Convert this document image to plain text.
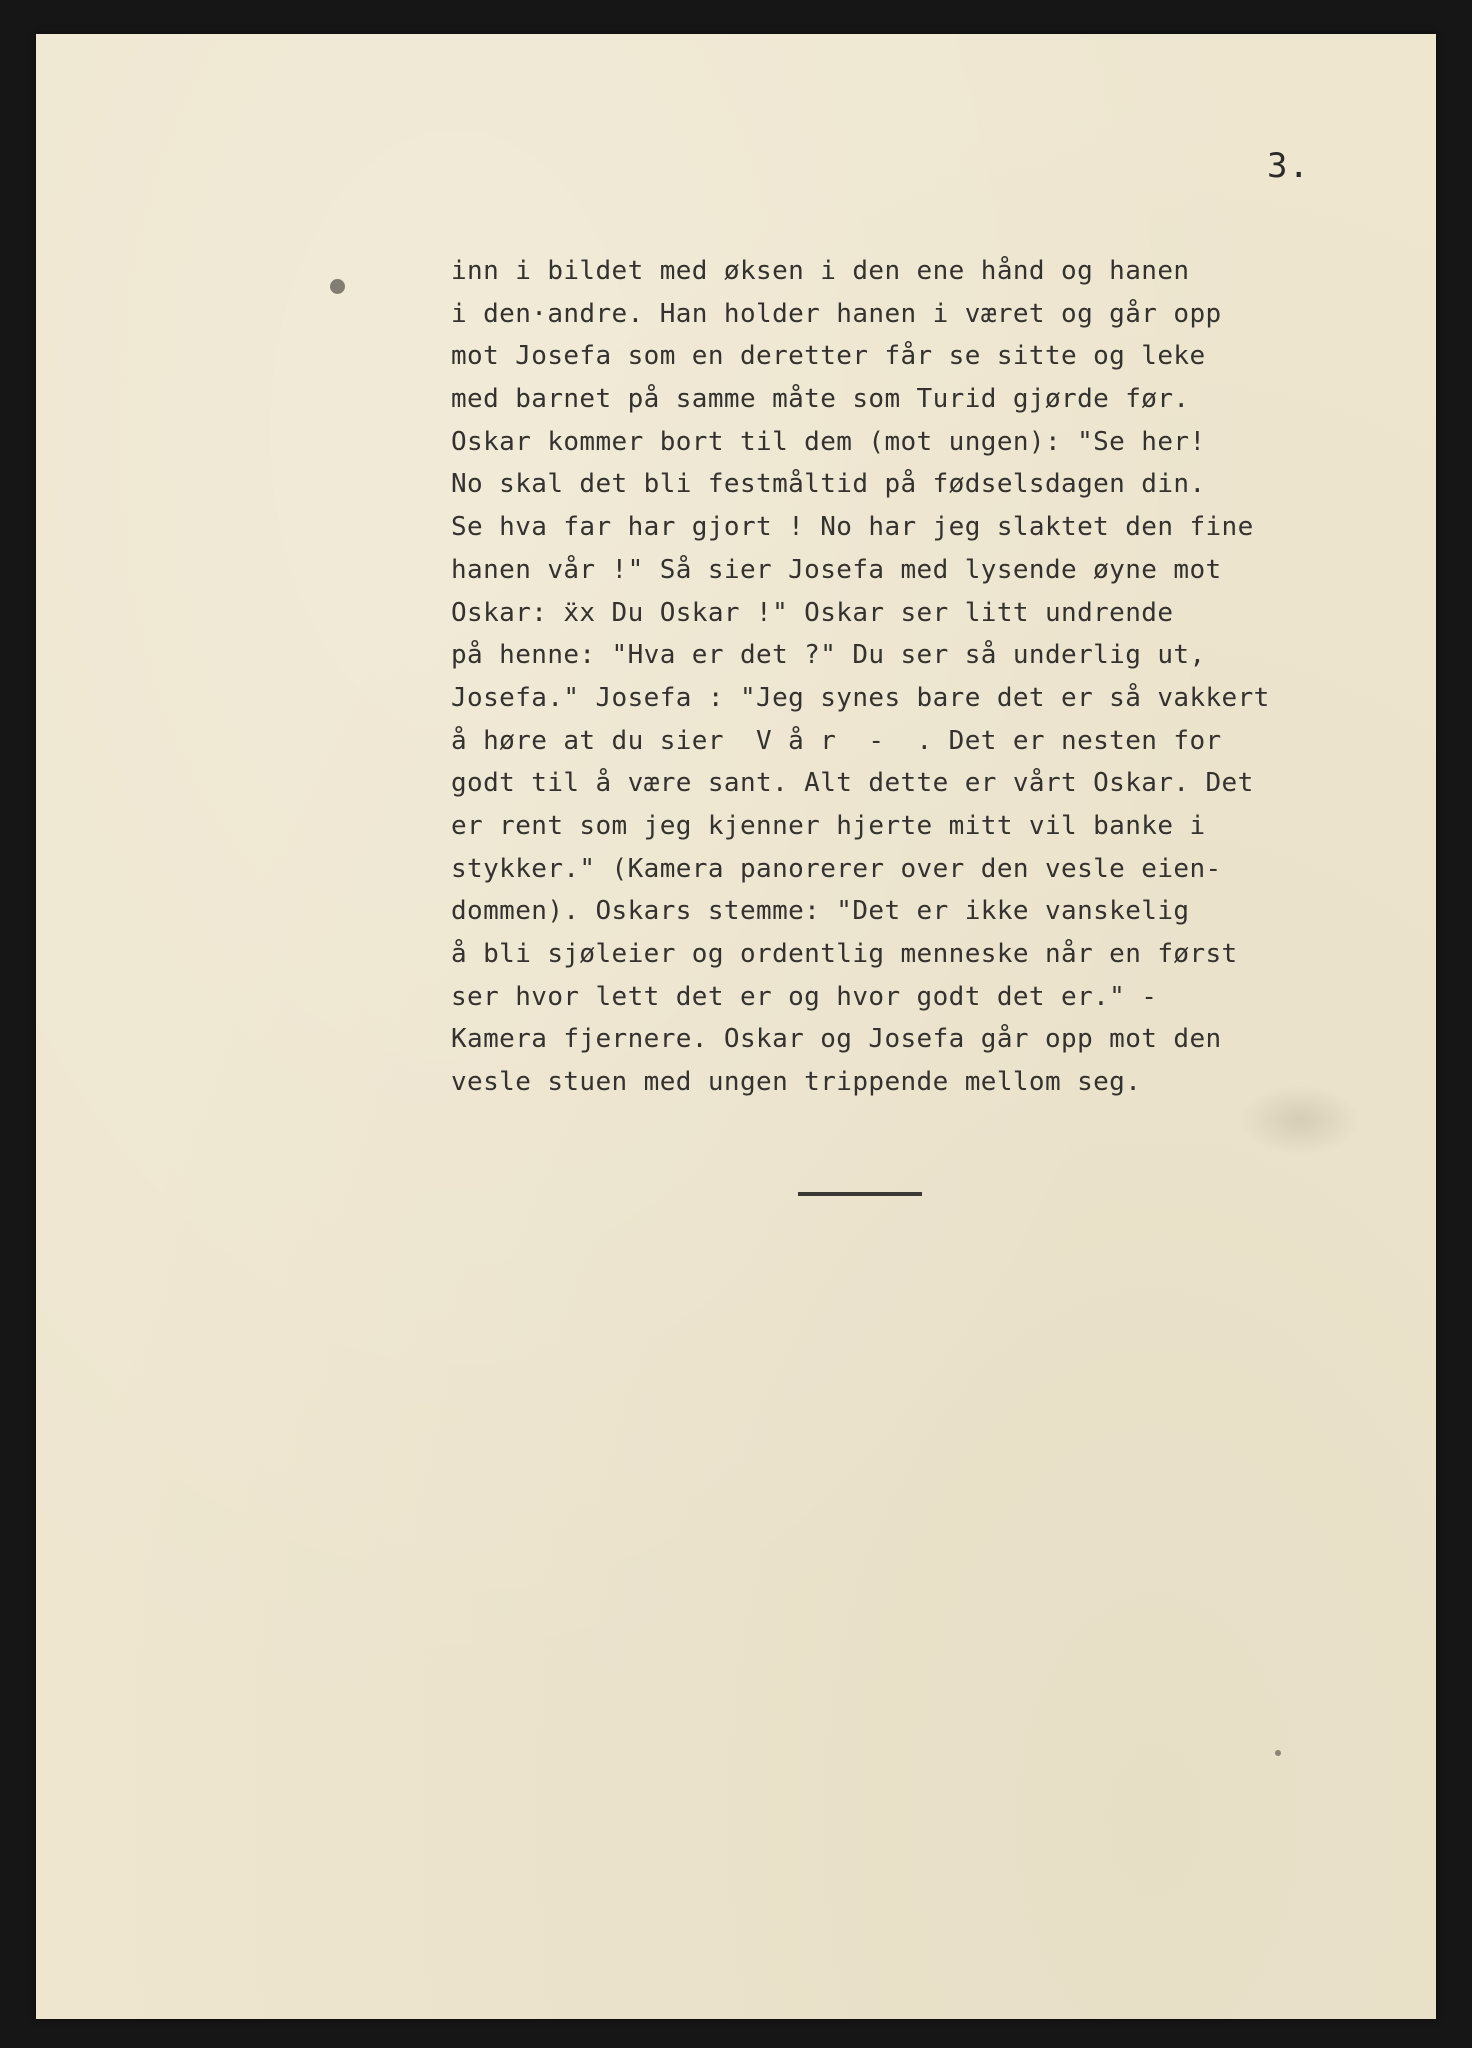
3.
inn i bildet med øksen i den ene hånd og hanen
i den·andre. Han holder hanen i været og går opp
mot Josefa som en deretter får se sitte og leke
med barnet på samme måte som Turid gjørde før.
Oskar kommer bort til dem (mot ungen): "Se her!
No skal det bli festmåltid på fødselsdagen din.
Se hva far har gjort ! No har jeg slaktet den fine
hanen vår !" Så sier Josefa med lysende øyne mot
Oskar: ẍx Du Oskar !" Oskar ser litt undrende
på henne: "Hva er det ?" Du ser så underlig ut,
Josefa." Josefa : "Jeg synes bare det er så vakkert
å høre at du sier  V å r  -  . Det er nesten for
godt til å være sant. Alt dette er vårt Oskar. Det
er rent som jeg kjenner hjerte mitt vil banke i
stykker." (Kamera panorerer over den vesle eien-
dommen). Oskars stemme: "Det er ikke vanskelig
å bli sjøleier og ordentlig menneske når en først
ser hvor lett det er og hvor godt det er." -
Kamera fjernere. Oskar og Josefa går opp mot den
vesle stuen med ungen trippende mellom seg.
